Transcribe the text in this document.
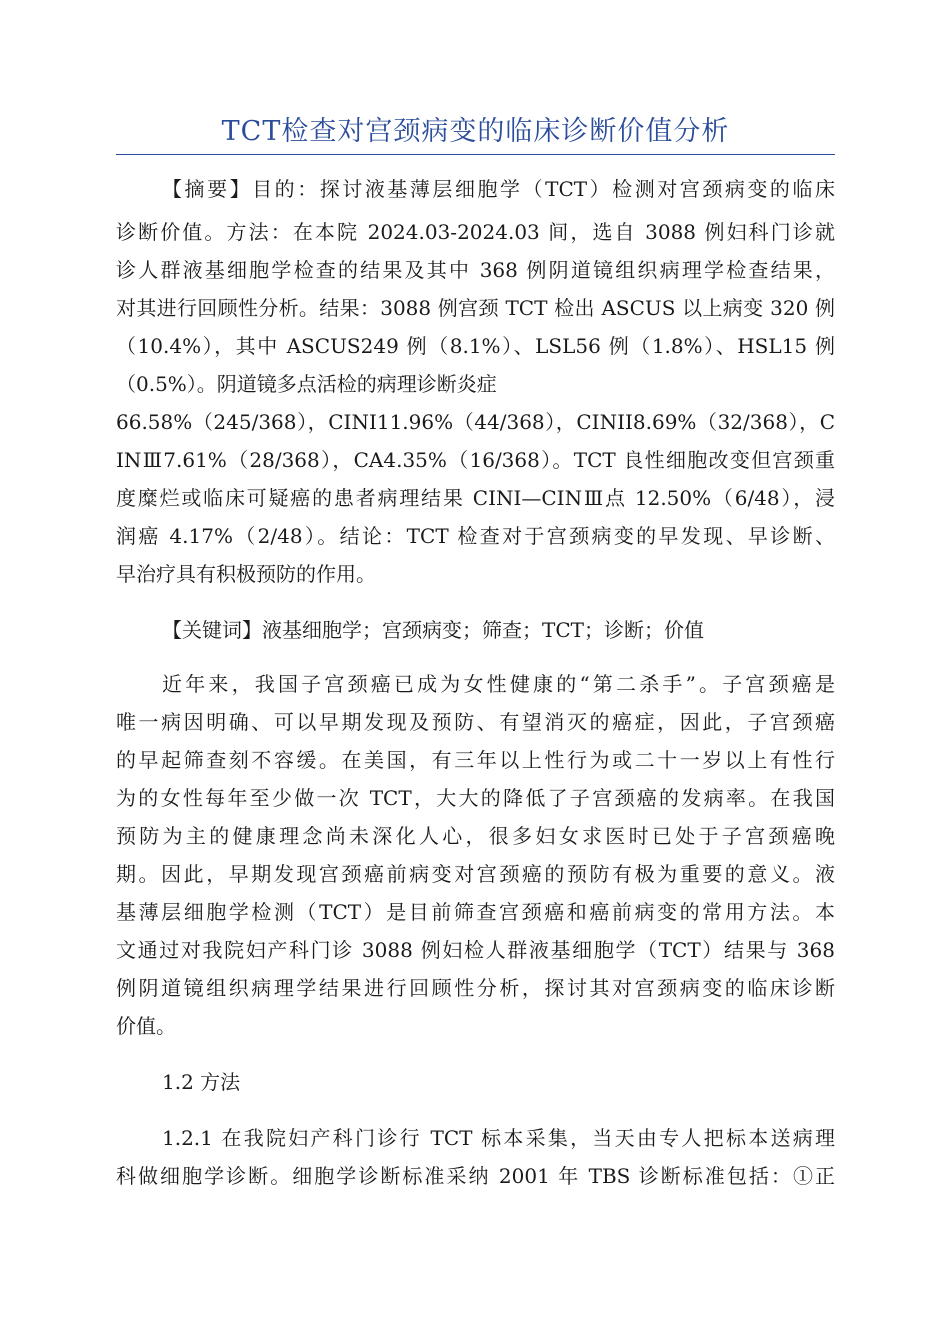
TCT检查对宫颈病变的临床诊断价值分析
【摘要】目的：探讨液基薄层细胞学（TCT）检测对宫颈病变的临床
诊断价值。方法：在本院 2024.03-2024.03 间，选自 3088 例妇科门诊就
诊人群液基细胞学检查的结果及其中 368 例阴道镜组织病理学检查结果，
对其进行回顾性分析。结果：3088 例宫颈 TCT 检出 ASCUS 以上病变 320 例
（10.4%），其中 ASCUS249 例（8.1%）、LSL56 例（1.8%）、HSL15 例
（0.5%）。阴道镜多点活检的病理诊断炎症
66.58%（245/368），CINI11.96%（44/368），CINII8.69%（32/368），C
INⅢ7.61%（28/368），CA4.35%（16/368）。TCT 良性细胞改变但宫颈重
度糜烂或临床可疑癌的患者病理结果 CINI—CINⅢ点 12.50%（6/48），浸
润癌 4.17%（2/48）。结论：TCT 检查对于宫颈病变的早发现、早诊断、
早治疗具有积极预防的作用。
【关键词】液基细胞学；宫颈病变；筛查；TCT；诊断；价值
近年来，我国子宫颈癌已成为女性健康的“第二杀手”。子宫颈癌是
唯一病因明确、可以早期发现及预防、有望消灭的癌症，因此，子宫颈癌
的早起筛查刻不容缓。在美国，有三年以上性行为或二十一岁以上有性行
为的女性每年至少做一次 TCT，大大的降低了子宫颈癌的发病率。在我国
预防为主的健康理念尚未深化人心，很多妇女求医时已处于子宫颈癌晚
期。因此，早期发现宫颈癌前病变对宫颈癌的预防有极为重要的意义。液
基薄层细胞学检测（TCT）是目前筛查宫颈癌和癌前病变的常用方法。本
文通过对我院妇产科门诊 3088 例妇检人群液基细胞学（TCT）结果与 368
例阴道镜组织病理学结果进行回顾性分析，探讨其对宫颈病变的临床诊断
价值。
1.2 方法
1.2.1 在我院妇产科门诊行 TCT 标本采集，当天由专人把标本送病理
科做细胞学诊断。细胞学诊断标准采纳 2001 年 TBS 诊断标准包括：①正
